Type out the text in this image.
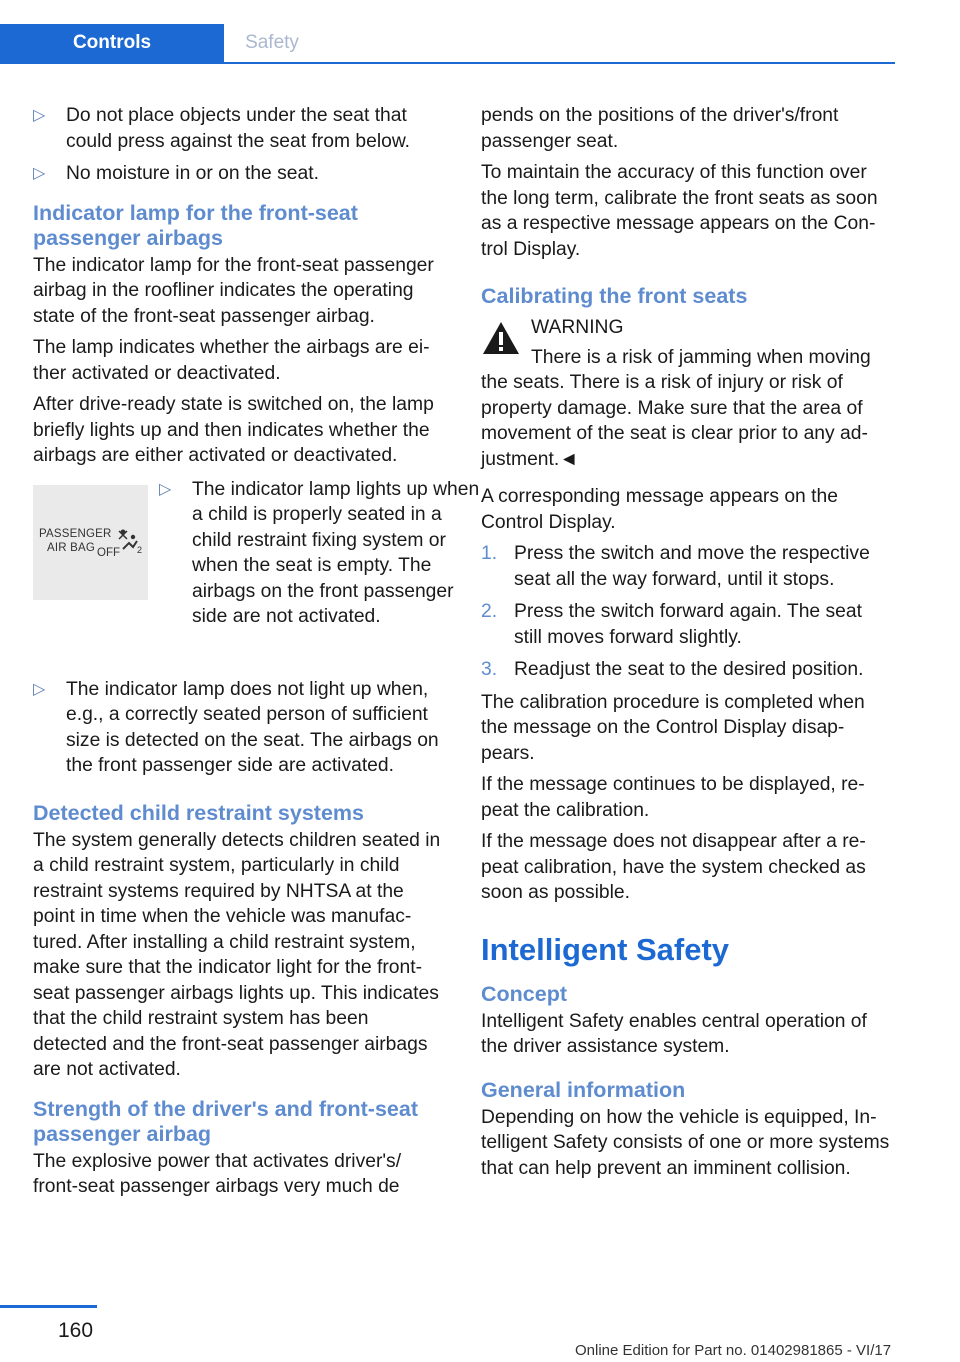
Controls	Safety
▷ Do not place objects under the seat that could press against the seat from below.
▷ No moisture in or on the seat.
Indicator lamp for the front-seat passenger airbags

The indicator lamp for the front-seat passenger airbag in the roofliner indicates the operating state of the front-seat passenger airbag.

The lamp indicates whether the airbags are either activated or deactivated.

After drive-ready state is switched on, the lamp briefly lights up and then indicates whether the airbags are either activated or deactivated.

PASSENGER
AIR BAG OFF 2
▷ The indicator lamp lights up when a child is properly seated in a child restraint fixing system or when the seat is empty. The airbags on the front passenger side are not activated.
▷ The indicator lamp does not light up when, e.g., a correctly seated person of sufficient size is detected on the seat. The airbags on the front passenger side are activated.
Detected child restraint systems

The system generally detects children seated in a child restraint system, particularly in child restraint systems required by NHTSA at the point in time when the vehicle was manufactured. After installing a child restraint system, make sure that the indicator light for the front-seat passenger airbags lights up. This indicates that the child restraint system has been detected and the front-seat passenger airbags are not activated.

Strength of the driver's and front-seat passenger airbag

The explosive power that activates driver's/ front-seat passenger airbags very much de

pends on the positions of the driver's/front passenger seat.

To maintain the accuracy of this function over the long term, calibrate the front seats as soon as a respective message appears on the Control Display.

Calibrating the front seats
WARNING

There is a risk of jamming when moving the seats. There is a risk of injury or risk of property damage. Make sure that the area of movement of the seat is clear prior to any adjustment.◄

A corresponding message appears on the Control Display.

1. Press the switch and move the respective seat all the way forward, until it stops.
2. Press the switch forward again. The seat still moves forward slightly.
3. Readjust the seat to the desired position.

The calibration procedure is completed when the message on the Control Display disappears.

If the message continues to be displayed, repeat the calibration.

If the message does not disappear after a repeat calibration, have the system checked as soon as possible.

Intelligent Safety
Concept

Intelligent Safety enables central operation of the driver assistance system.

General information

Depending on how the vehicle is equipped, Intelligent Safety consists of one or more systems that can help prevent an imminent collision.

160
Online Edition for Part no. 01402981865 - VI/17
